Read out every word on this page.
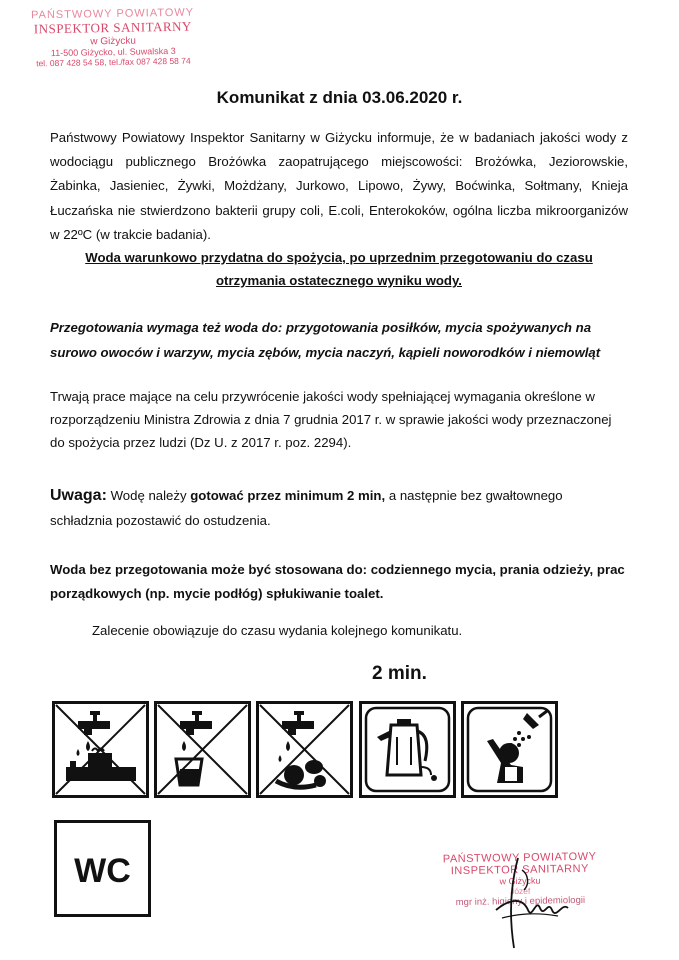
PAŃSTWOWY POWIATOWY
INSPEKTOR SANITARNY
w Giżycku
11-500 Giżycko, ul. Suwalska 3
tel. 087 428 54 58, tel./fax 087 428 58 74
Komunikat z dnia 03.06.2020 r.
Państwowy Powiatowy Inspektor Sanitarny w Giżycku informuje, że w badaniach jakości wody z wodociągu publicznego Brożówka zaopatrującego miejscowości: Brożówka, Jeziorowskie, Żabinka, Jasieniec, Żywki, Możdżany, Jurkowo, Lipowo, Żywy, Boćwinka, Sołtmany, Knieja Łuczańska nie stwierdzono bakterii grupy coli, E.coli, Enterokoków, ogólna liczba mikroorganizów w 22ºC (w trakcie badania).
Woda warunkowo przydatna do spożycia, po uprzednim przegotowaniu do czasu
otrzymania ostatecznego wyniku wody.
Przegotowania wymaga też woda do: przygotowania posiłków, mycia spożywanych na surowo owoców i warzyw, mycia zębów, mycia naczyń, kąpieli noworodków i niemowląt
Trwają prace mające na celu przywrócenie jakości wody spełniającej wymagania określone w rozporządzeniu Ministra Zdrowia z dnia 7 grudnia 2017 r. w sprawie jakości wody przeznaczonej do spożycia przez ludzi (Dz U. z 2017 r. poz. 2294).
Uwaga: Wodę należy gotować przez minimum 2 min, a następnie bez gwałtownego schładznia pozostawić do ostudzenia.
Woda bez przegotowania może być stosowana do: codziennego mycia, prania odzieży, prac porządkowych (np. mycie podłóg) spłukiwanie toalet.
Zalecenie obowiązuje do czasu wydania kolejnego komunikatu.
2 min.
WC	PAŃSTWOWY POWIATOWY
INSPEKTOR SANITARNY
w Giżycku
Józef
mgr inż. higieny i epidemiologii
